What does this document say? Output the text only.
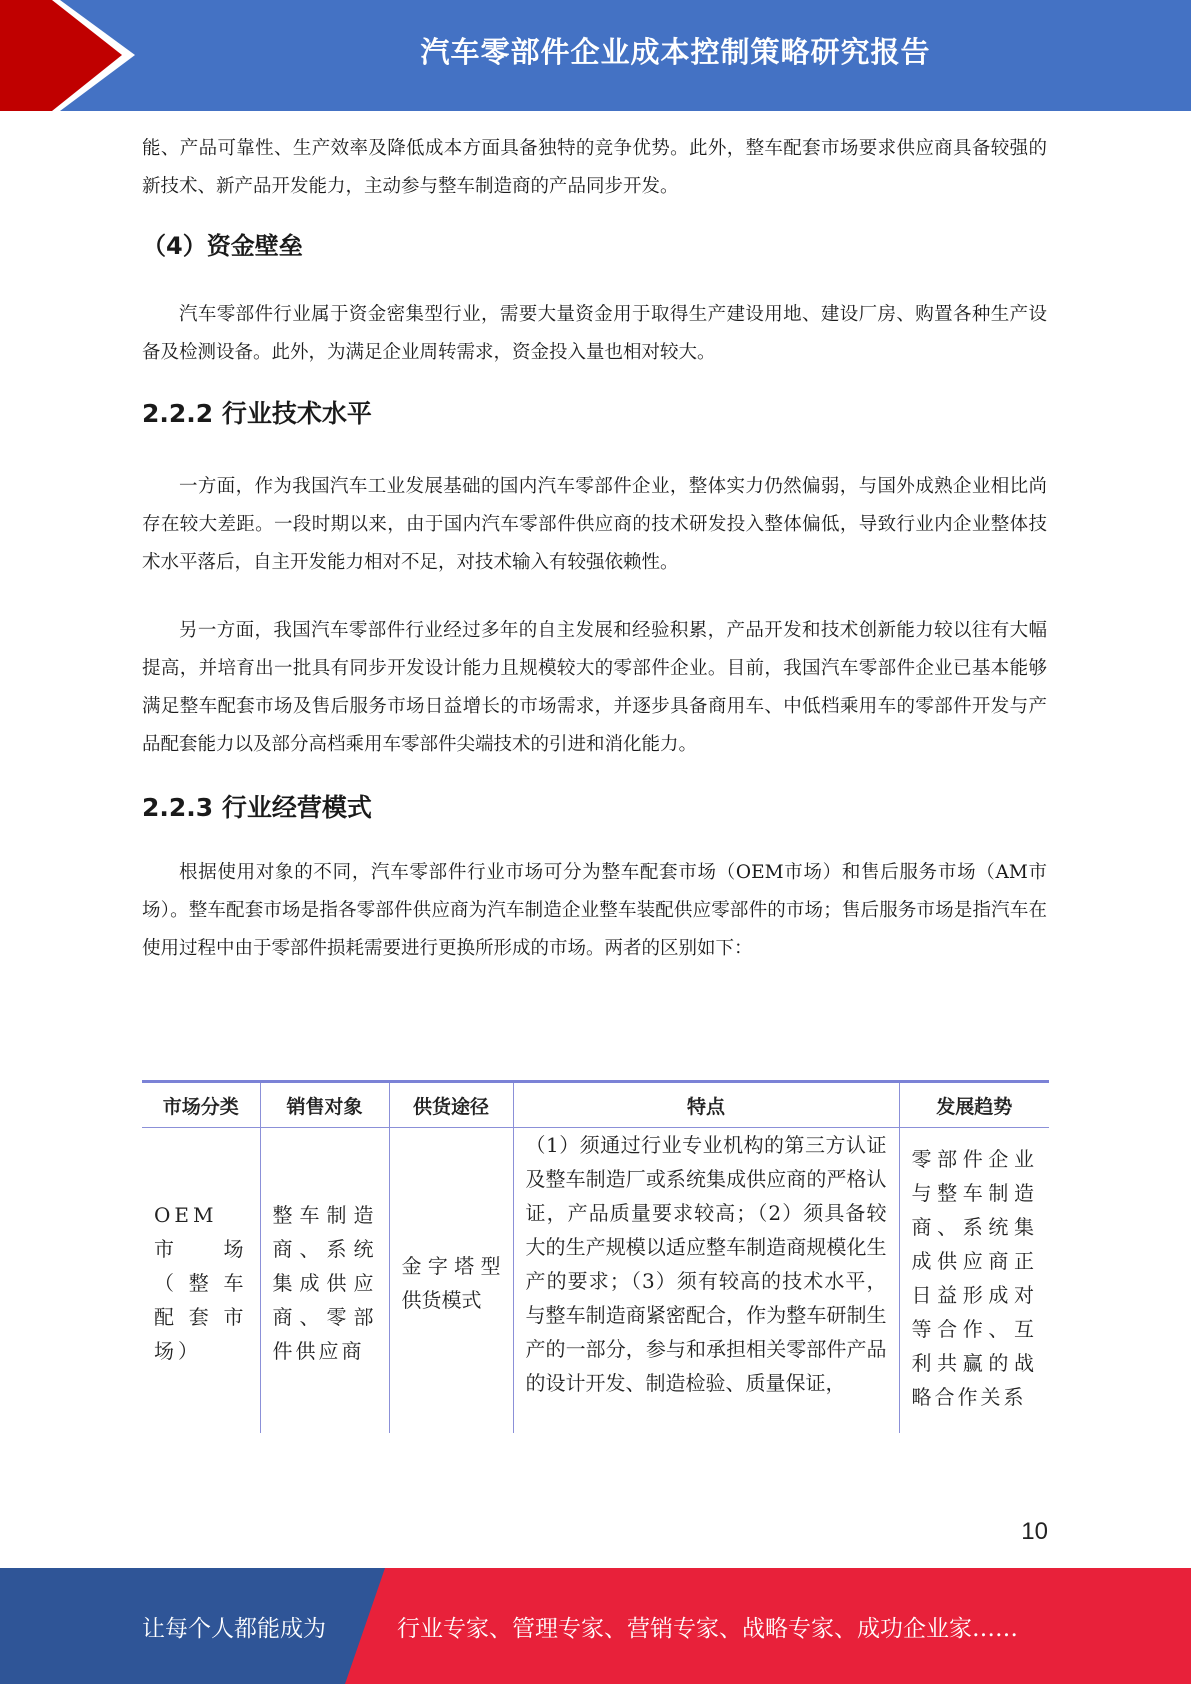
汽车零部件企业成本控制策略研究报告

能、产品可靠性、生产效率及降低成本方面具备独特的竞争优势。此外，整车配套市场要求供应商具备较强的新技术、新产品开发能力，主动参与整车制造商的产品同步开发。

（4）资金壁垒

汽车零部件行业属于资金密集型行业，需要大量资金用于取得生产建设用地、建设厂房、购置各种生产设备及检测设备。此外，为满足企业周转需求，资金投入量也相对较大。

2.2.2 行业技术水平

一方面，作为我国汽车工业发展基础的国内汽车零部件企业，整体实力仍然偏弱，与国外成熟企业相比尚存在较大差距。一段时期以来，由于国内汽车零部件供应商的技术研发投入整体偏低，导致行业内企业整体技术水平落后，自主开发能力相对不足，对技术输入有较强依赖性。

另一方面，我国汽车零部件行业经过多年的自主发展和经验积累，产品开发和技术创新能力较以往有大幅提高，并培育出一批具有同步开发设计能力且规模较大的零部件企业。目前，我国汽车零部件企业已基本能够满足整车配套市场及售后服务市场日益增长的市场需求，并逐步具备商用车、中低档乘用车的零部件开发与产品配套能力以及部分高档乘用车零部件尖端技术的引进和消化能力。

2.2.3 行业经营模式

根据使用对象的不同，汽车零部件行业市场可分为整车配套市场（OEM市场）和售后服务市场（AM市场）。整车配套市场是指各零部件供应商为汽车制造企业整车装配供应零部件的市场；售后服务市场是指汽车在使用过程中由于零部件损耗需要进行更换所形成的市场。两者的区别如下：

市场分类	销售对象	供货途径	特点	发展趋势
OEM 市场（整车配套市场）	整车制造商、系统集成供应商、零部件供应商	金字塔型供货模式	（1）须通过行业专业机构的第三方认证及整车制造厂或系统集成供应商的严格认证，产品质量要求较高；（2）须具备较大的生产规模以适应整车制造商规模化生产的要求；（3）须有较高的技术水平，与整车制造商紧密配合，作为整车研制生产的一部分，参与和承担相关零部件产品的设计开发、制造检验、质量保证，	零部件企业与整车制造商、系统集成供应商正日益形成对等合作、互利共赢的战略合作关系
10
让每个人都能成为	行业专家、管理专家、营销专家、战略专家、成功企业家……
